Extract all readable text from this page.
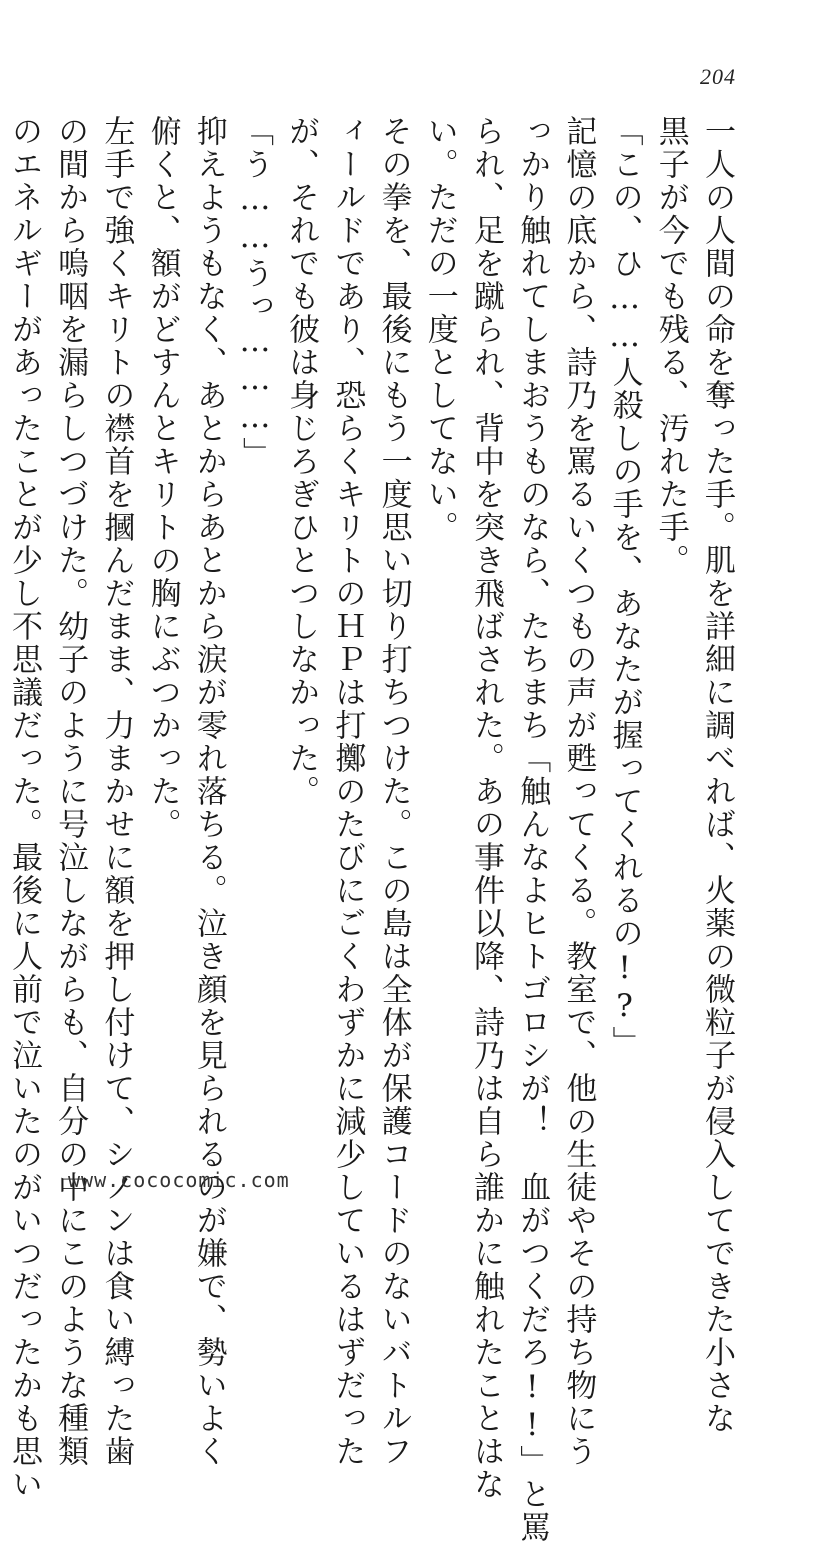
204

一人の人間の命を奪った手。肌を詳細に調べれば、火薬の微粒子が侵入してできた小さな

黒子が今でも残る、汚れた手。

「この、ひ……人殺しの手を、あなたが握ってくれるの!?」

記憶の底から、詩乃を罵るいくつもの声が甦ってくる。教室で、他の生徒やその持ち物にう

っかり触れてしまおうものなら、たちまち「触んなよヒトゴロシが！　血がつくだろ!!」と罵

られ、足を蹴られ、背中を突き飛ばされた。あの事件以降、詩乃は自ら誰かに触れたことはな

い。ただの一度としてない。

その拳を、最後にもう一度思い切り打ちつけた。この島は全体が保護コードのないバトルフ

ィールドであり、恐らくキリトのＨＰは打擲のたびにごくわずかに減少しているはずだった

が、それでも彼は身じろぎひとつしなかった。

「う……うっ………」

抑えようもなく、あとからあとから涙が零れ落ちる。泣き顔を見られるのが嫌で、勢いよく

俯くと、額がどすんとキリトの胸にぶつかった。

左手で強くキリトの襟首を摑んだまま、力まかせに額を押し付けて、シノンは食い縛った歯

の間から嗚咽を漏らしつづけた。幼子のように号泣しながらも、自分の中にこのような種類

のエネルギーがあったことが少し不思議だった。最後に人前で泣いたのがいつだったかも思い www.cococomic.com
